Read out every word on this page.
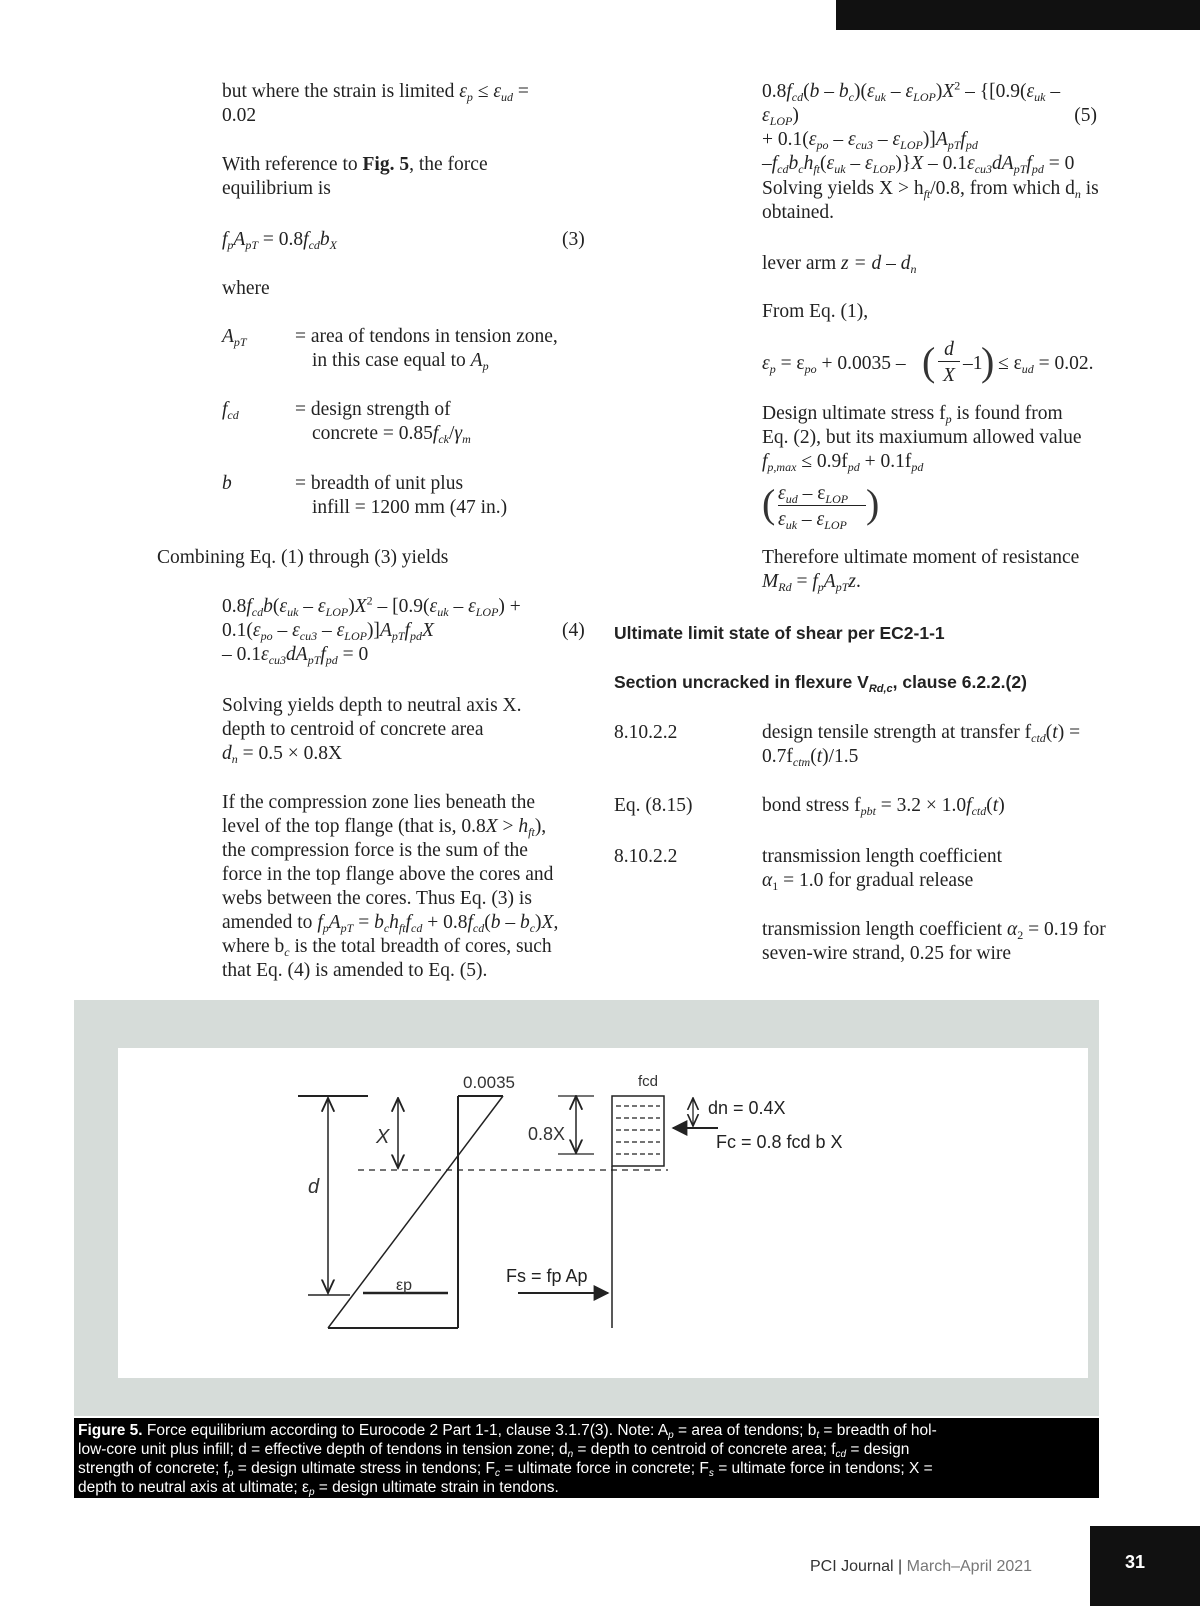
but where the strain is limited $\varepsilon_p \le \varepsilon_{ud}$ =
0.02
With reference to Fig. 5, the force
equilibrium is
$f_pA_{pT} = 0.8f_{cd}b_X$	(3)
where
$A_{pT}$ = area of tendons in tension zone,
in this case equal to $A_p$
$f_{cd}$	= design strength of
concrete = $0.85f_{ck}/\gamma_m$
b	= breadth of unit plus
infill = 1200 mm (47 in.)
Combining Eq. (1) through (3) yields
$0.8f_{cd}b(\varepsilon_{uk} - \varepsilon_{LOP})X^2 - [0.9(\varepsilon_{uk} - \varepsilon_{LOP})$ +
$0.1(\varepsilon_{po} - \varepsilon_{cu3} - \varepsilon_{LOP})]A_{pT}f_{pd}X$
– $0.1\varepsilon_{cu3}dA_{pT}f_{pd} = 0$
(4)
Solving yields depth to neutral axis X.
depth to centroid of concrete area
$d_n = 0.5 \times 0.8X$
If the compression zone lies beneath the
level of the top flange (that is, $0.8X > h_{ft}$),
the compression force is the sum of the
force in the top flange above the cores and
webs between the cores. Thus Eq. (3) is
amended to $f_pA_{pT} = b_ch_{ft}f_{cd} + 0.8f_{cd}(b - b_c)X$,
where $b_c$ is the total breadth of cores, such
that Eq. (4) is amended to Eq. (5).
$0.8f_{cd}(b - b_c)(\varepsilon_{uk} - \varepsilon_{LOP})X^2 - \{[0.9(\varepsilon_{uk} - \varepsilon_{LOP})$
+ $0.1(\varepsilon_{po} - \varepsilon_{cu3} - \varepsilon_{LOP})]A_{pT}f_{pd}$
$-f_{cd}b_ch_{ft}(\varepsilon_{uk} - \varepsilon_{LOP})\}X - 0.1\varepsilon_{cu3}dA_{pT}f_{pd} = 0$
(5)
Solving yields $X > h_{ft}/0.8$, from which $d_n$ is
obtained.
lever arm $z = d - d_n$
From Eq. (1),
$\varepsilon_p = \varepsilon_{po} + 0.0035$ – ( d
X
–1
) ≤ $\varepsilon_{ud} = 0.02$.
Design ultimate stress $f_p$ is found from
Eq. (2), but its maxiumum allowed value
$f_{p,max} \le 0.9f_{pd} + 0.1f_{pd}$
( $\varepsilon_{ud} - \varepsilon_{LOP}$
$\varepsilon_{uk} - \varepsilon_{LOP}$ )
Therefore ultimate moment of resistance
$M_{Rd} = f_pA_{pT}z$.
Ultimate limit state of shear per EC2-1-1
Section uncracked in flexure $V_{Rd,c}$, clause 6.2.2.(2)
8.10.2.2	design tensile strength at transfer $f_{ctd}(t)$ =
$0.7f_{ctm}(t)/1.5$
Eq. (8.15)	bond stress $f_{pbt} = 3.2 \times 1.0f_{ctd}(t)$
8.10.2.2	transmission length coefficient
$\alpha_1 = 1.0$ for gradual release
transmission length coefficient $\alpha_2 = 0.19$ for
seven-wire strand, 0.25 for wire
d
X
0.0035
εp
0.8X
fcd
dn = 0.4X
Fc = 0.8 fcd b X
Fs = fp Ap
Figure 5. Force equilibrium according to Eurocode 2 Part 1-1, clause 3.1.7(3). Note: $A_p$ = area of tendons; $b_t$ = breadth of hol-
low-core unit plus infill; d = effective depth of tendons in tension zone; $d_n$ = depth to centroid of concrete area; $f_{cd}$ = design
strength of concrete; $f_p$ = design ultimate stress in tendons; $F_c$ = ultimate force in concrete; $F_s$ = ultimate force in tendons; X =
depth to neutral axis at ultimate; $\varepsilon_p$ = design ultimate strain in tendons.
PCI Journal | March–April 2021	31
